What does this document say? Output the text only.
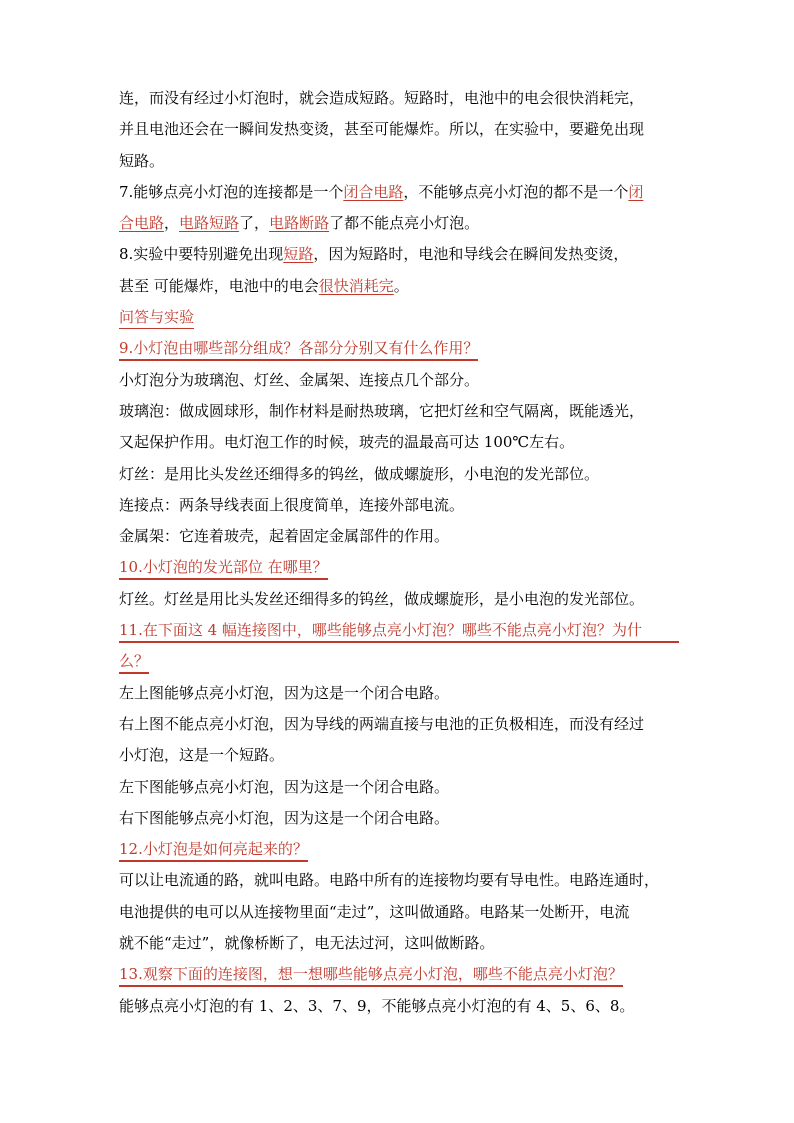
连，而没有经过小灯泡时，就会造成短路。短路时，电池中的电会很快消耗完，
并且电池还会在一瞬间发热变烫，甚至可能爆炸。所以，在实验中，要避免出现
短路。
7.能够点亮小灯泡的连接都是一个闭合电路，不能够点亮小灯泡的都不是一个闭
合电路，电路短路了，电路断路了都不能点亮小灯泡。
8.实验中要特别避免出现短路，因为短路时，电池和导线会在瞬间发热变烫，
甚至 可能爆炸，电池中的电会很快消耗完。
问答与实验
9.小灯泡由哪些部分组成？各部分分别又有什么作用？
小灯泡分为玻璃泡、灯丝、金属架、连接点几个部分。
玻璃泡：做成圆球形，制作材料是耐热玻璃，它把灯丝和空气隔离，既能透光，
又起保护作用。电灯泡工作的时候，玻壳的温最高可达 100℃左右。
灯丝：是用比头发丝还细得多的钨丝，做成螺旋形，小电泡的发光部位。
连接点：两条导线表面上很度简单，连接外部电流。
金属架：它连着玻壳，起着固定金属部件的作用。
10.小灯泡的发光部位 在哪里？
灯丝。灯丝是用比头发丝还细得多的钨丝，做成螺旋形，是小电泡的发光部位。
11.在下面这 4 幅连接图中，哪些能够点亮小灯泡？哪些不能点亮小灯泡？为什
么？
左上图能够点亮小灯泡，因为这是一个闭合电路。
右上图不能点亮小灯泡，因为导线的两端直接与电池的正负极相连，而没有经过
小灯泡，这是一个短路。
左下图能够点亮小灯泡，因为这是一个闭合电路。
右下图能够点亮小灯泡，因为这是一个闭合电路。
12.小灯泡是如何亮起来的？
可以让电流通的路，就叫电路。电路中所有的连接物均要有导电性。电路连通时，
电池提供的电可以从连接物里面“走过”，这叫做通路。电路某一处断开，电流
就不能“走过”，就像桥断了，电无法过河，这叫做断路。
13.观察下面的连接图，想一想哪些能够点亮小灯泡，哪些不能点亮小灯泡？
能够点亮小灯泡的有 1、2、3、7、9，不能够点亮小灯泡的有 4、5、6、8。
